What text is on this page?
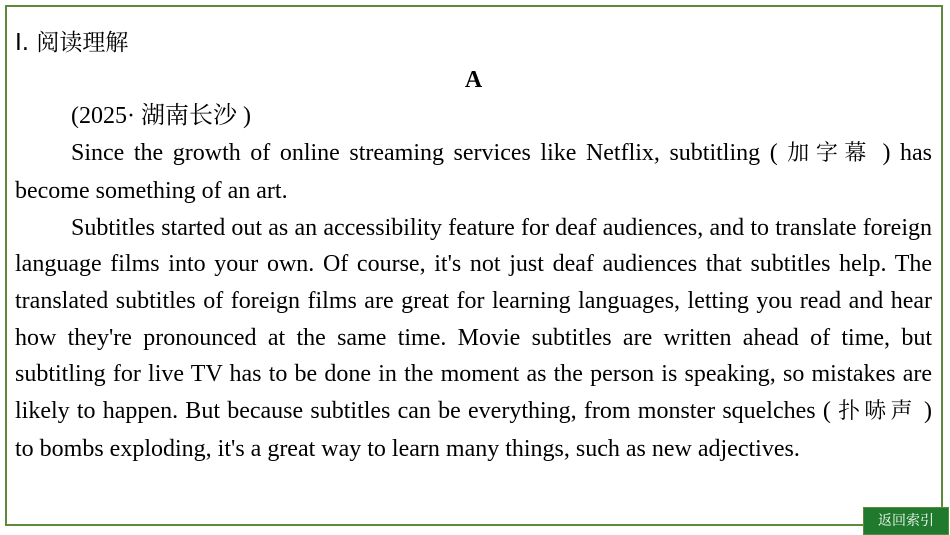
Ⅰ. 阅读理解

A

(2025· 湖南长沙 )

Since the growth of online streaming services like Netflix, subtitling ( 加字幕 ) has become something of an art.

Subtitles started out as an accessibility feature for deaf audiences, and to translate foreign language films into your own. Of course, it's not just deaf audiences that subtitles help. The translated subtitles of foreign films are great for learning languages, letting you read and hear how they're pronounced at the same time. Movie subtitles are written ahead of time, but subtitling for live TV has to be done in the moment as the person is speaking, so mistakes are likely to happen. But because subtitles can be everything, from monster squelches ( 扑哧声 ) to bombs exploding, it's a great way to learn many things, such as new adjectives.

返回索引
